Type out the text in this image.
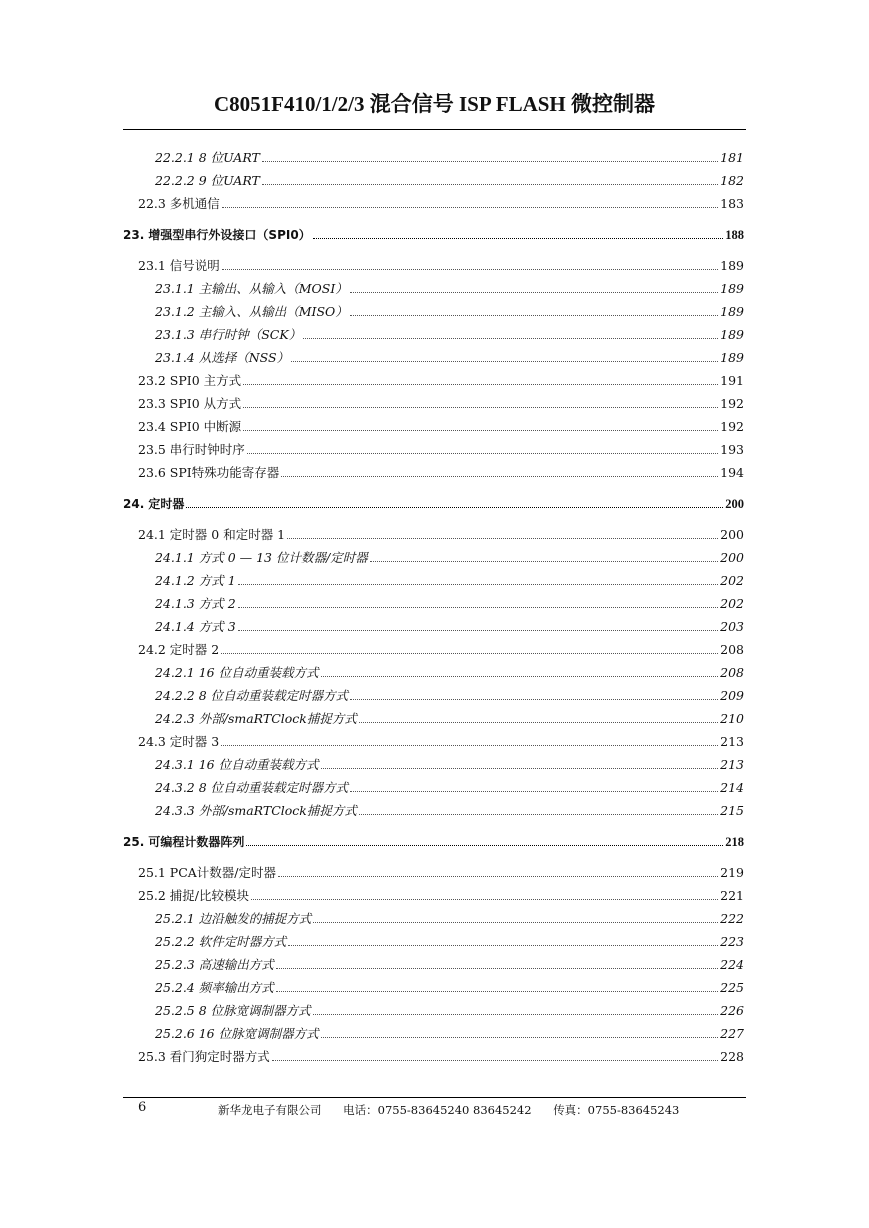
C8051F410/1/2/3 混合信号 ISP FLASH 微控制器
22.2.1 8 位UART	181
22.2.2 9 位UART	182
22.3 多机通信	183
23. 增强型串行外设接口（SPI0）	188
23.1 信号说明	189
23.1.1 主输出、从输入（MOSI）	189
23.1.2 主输入、从输出（MISO）	189
23.1.3 串行时钟（SCK）	189
23.1.4 从选择（NSS）	189
23.2 SPI0 主方式	191
23.3 SPI0 从方式	192
23.4 SPI0 中断源	192
23.5 串行时钟时序	193
23.6 SPI特殊功能寄存器	194
24. 定时器	200
24.1 定时器 0 和定时器 1	200
24.1.1 方式 0 — 13 位计数器/定时器	200
24.1.2 方式 1	202
24.1.3 方式 2	202
24.1.4 方式 3	203
24.2 定时器 2	208
24.2.1 16 位自动重装载方式	208
24.2.2 8 位自动重装载定时器方式	209
24.2.3 外部/smaRTClock捕捉方式	210
24.3 定时器 3	213
24.3.1 16 位自动重装载方式	213
24.3.2 8 位自动重装载定时器方式	214
24.3.3 外部/smaRTClock捕捉方式	215
25. 可编程计数器阵列	218
25.1 PCA计数器/定时器	219
25.2 捕捉/比较模块	221
25.2.1 边沿触发的捕捉方式	222
25.2.2 软件定时器方式	223
25.2.3 高速输出方式	224
25.2.4 频率输出方式	225
25.2.5 8 位脉宽调制器方式	226
25.2.6 16 位脉宽调制器方式	227
25.3 看门狗定时器方式	228
6	新华龙电子有限公司 电话：0755-83645240 83645242 传真：0755-83645243
